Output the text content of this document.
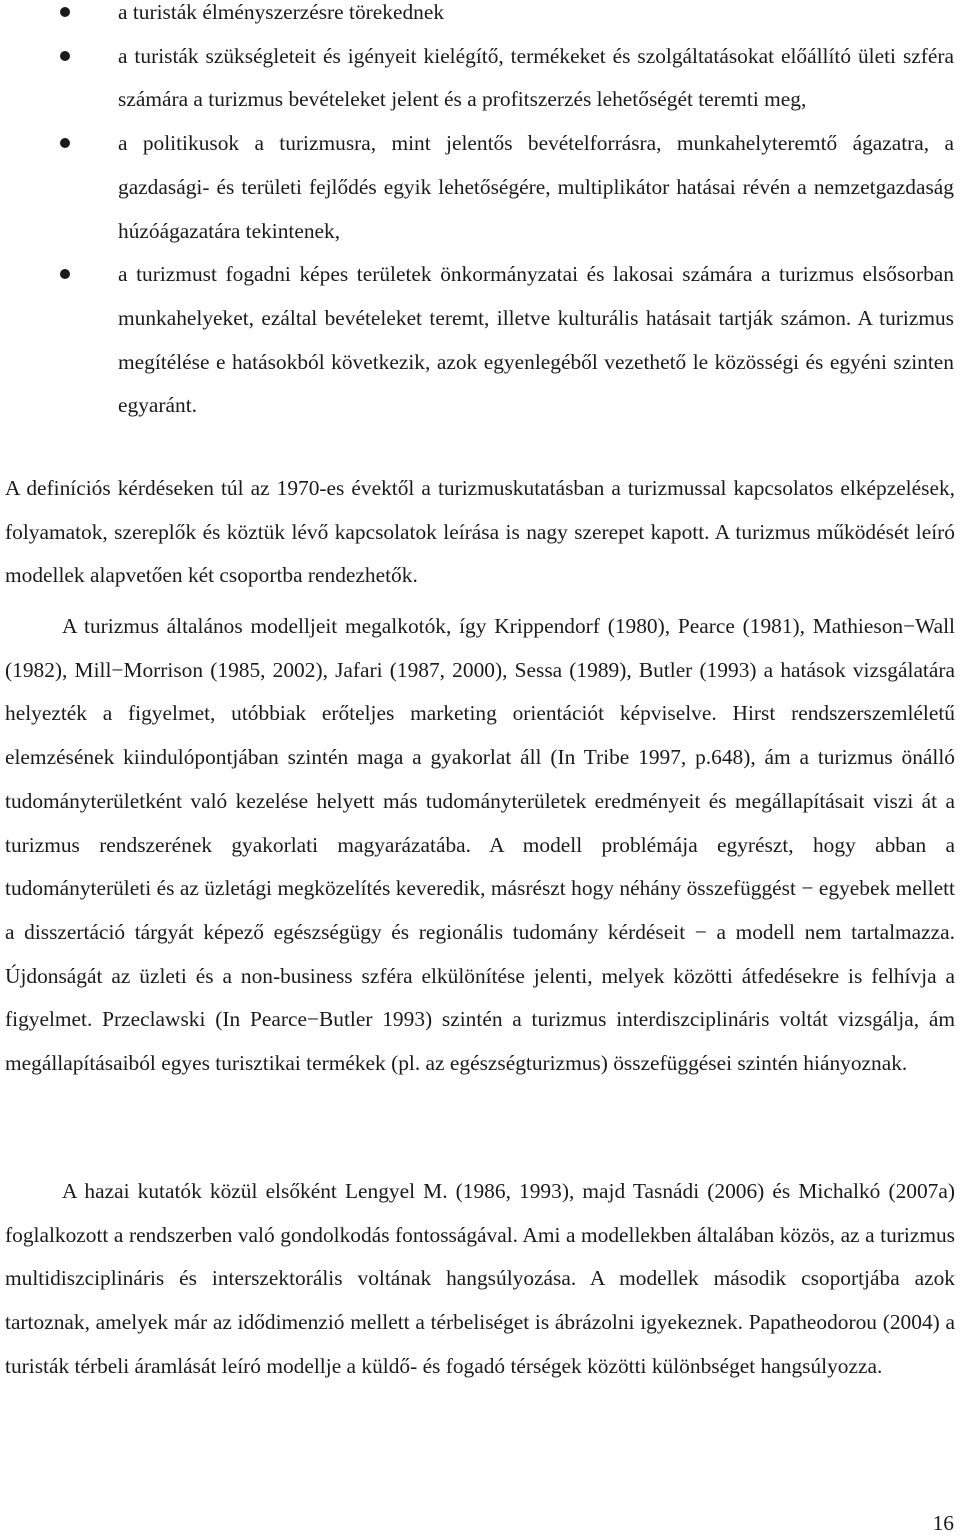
a turisták élményszerzésre törekednek
a turisták szükségleteit és igényeit kielégítő, termékeket és szolgáltatásokat előállító ületi szféra számára a turizmus bevételeket jelent és a profitszerzés lehetőségét teremti meg,
a politikusok a turizmusra, mint jelentős bevételforrásra, munkahelyteremtő ágazatra, a gazdasági- és területi fejlődés egyik lehetőségére, multiplikátor hatásai révén a nemzetgazdaság húzóágazatára tekintenek,
a turizmust fogadni képes területek önkormányzatai és lakosai számára a turizmus elsősorban munkahelyeket, ezáltal bevételeket teremt, illetve kulturális hatásait tartják számon. A turizmus megítélése e hatásokból következik, azok egyenlegéből vezethető le közösségi és egyéni szinten egyaránt.

A definíciós kérdéseken túl az 1970-es évektől a turizmuskutatásban a turizmussal kapcsolatos elképzelések, folyamatok, szereplők és köztük lévő kapcsolatok leírása is nagy szerepet kapott. A turizmus működését leíró modellek alapvetően két csoportba rendezhetők.

A turizmus általános modelljeit megalkotók, így Krippendorf (1980), Pearce (1981), Mathieson−Wall (1982), Mill−Morrison (1985, 2002), Jafari (1987, 2000), Sessa (1989), Butler (1993) a hatások vizsgálatára helyezték a figyelmet, utóbbiak erőteljes marketing orientációt képviselve. Hirst rendszerszemléletű elemzésének kiindulópontjában szintén maga a gyakorlat áll (In Tribe 1997, p.648), ám a turizmus önálló tudományterületként való kezelése helyett más tudományterületek eredményeit és megállapításait viszi át a turizmus rendszerének gyakorlati magyarázatába. A modell problémája egyrészt, hogy abban a tudományterületi és az üzletági megközelítés keveredik, másrészt hogy néhány összefüggést − egyebek mellett a disszertáció tárgyát képező egészségügy és regionális tudomány kérdéseit − a modell nem tartalmazza. Újdonságát az üzleti és a non-business szféra elkülönítése jelenti, melyek közötti átfedésekre is felhívja a figyelmet. Przeclawski (In Pearce−Butler 1993) szintén a turizmus interdiszciplináris voltát vizsgálja, ám megállapításaiból egyes turisztikai termékek (pl. az egészségturizmus) összefüggései szintén hiányoznak.

A hazai kutatók közül elsőként Lengyel M. (1986, 1993), majd Tasnádi (2006) és Michalkó (2007a) foglalkozott a rendszerben való gondolkodás fontosságával. Ami a modellekben általában közös, az a turizmus multidiszciplináris és interszektorális voltának hangsúlyozása. A modellek második csoportjába azok tartoznak, amelyek már az idődimenzió mellett a térbeliséget is ábrázolni igyekeznek. Papatheodorou (2004) a turisták térbeli áramlását leíró modellje a küldő- és fogadó térségek közötti különbséget hangsúlyozza.

16
